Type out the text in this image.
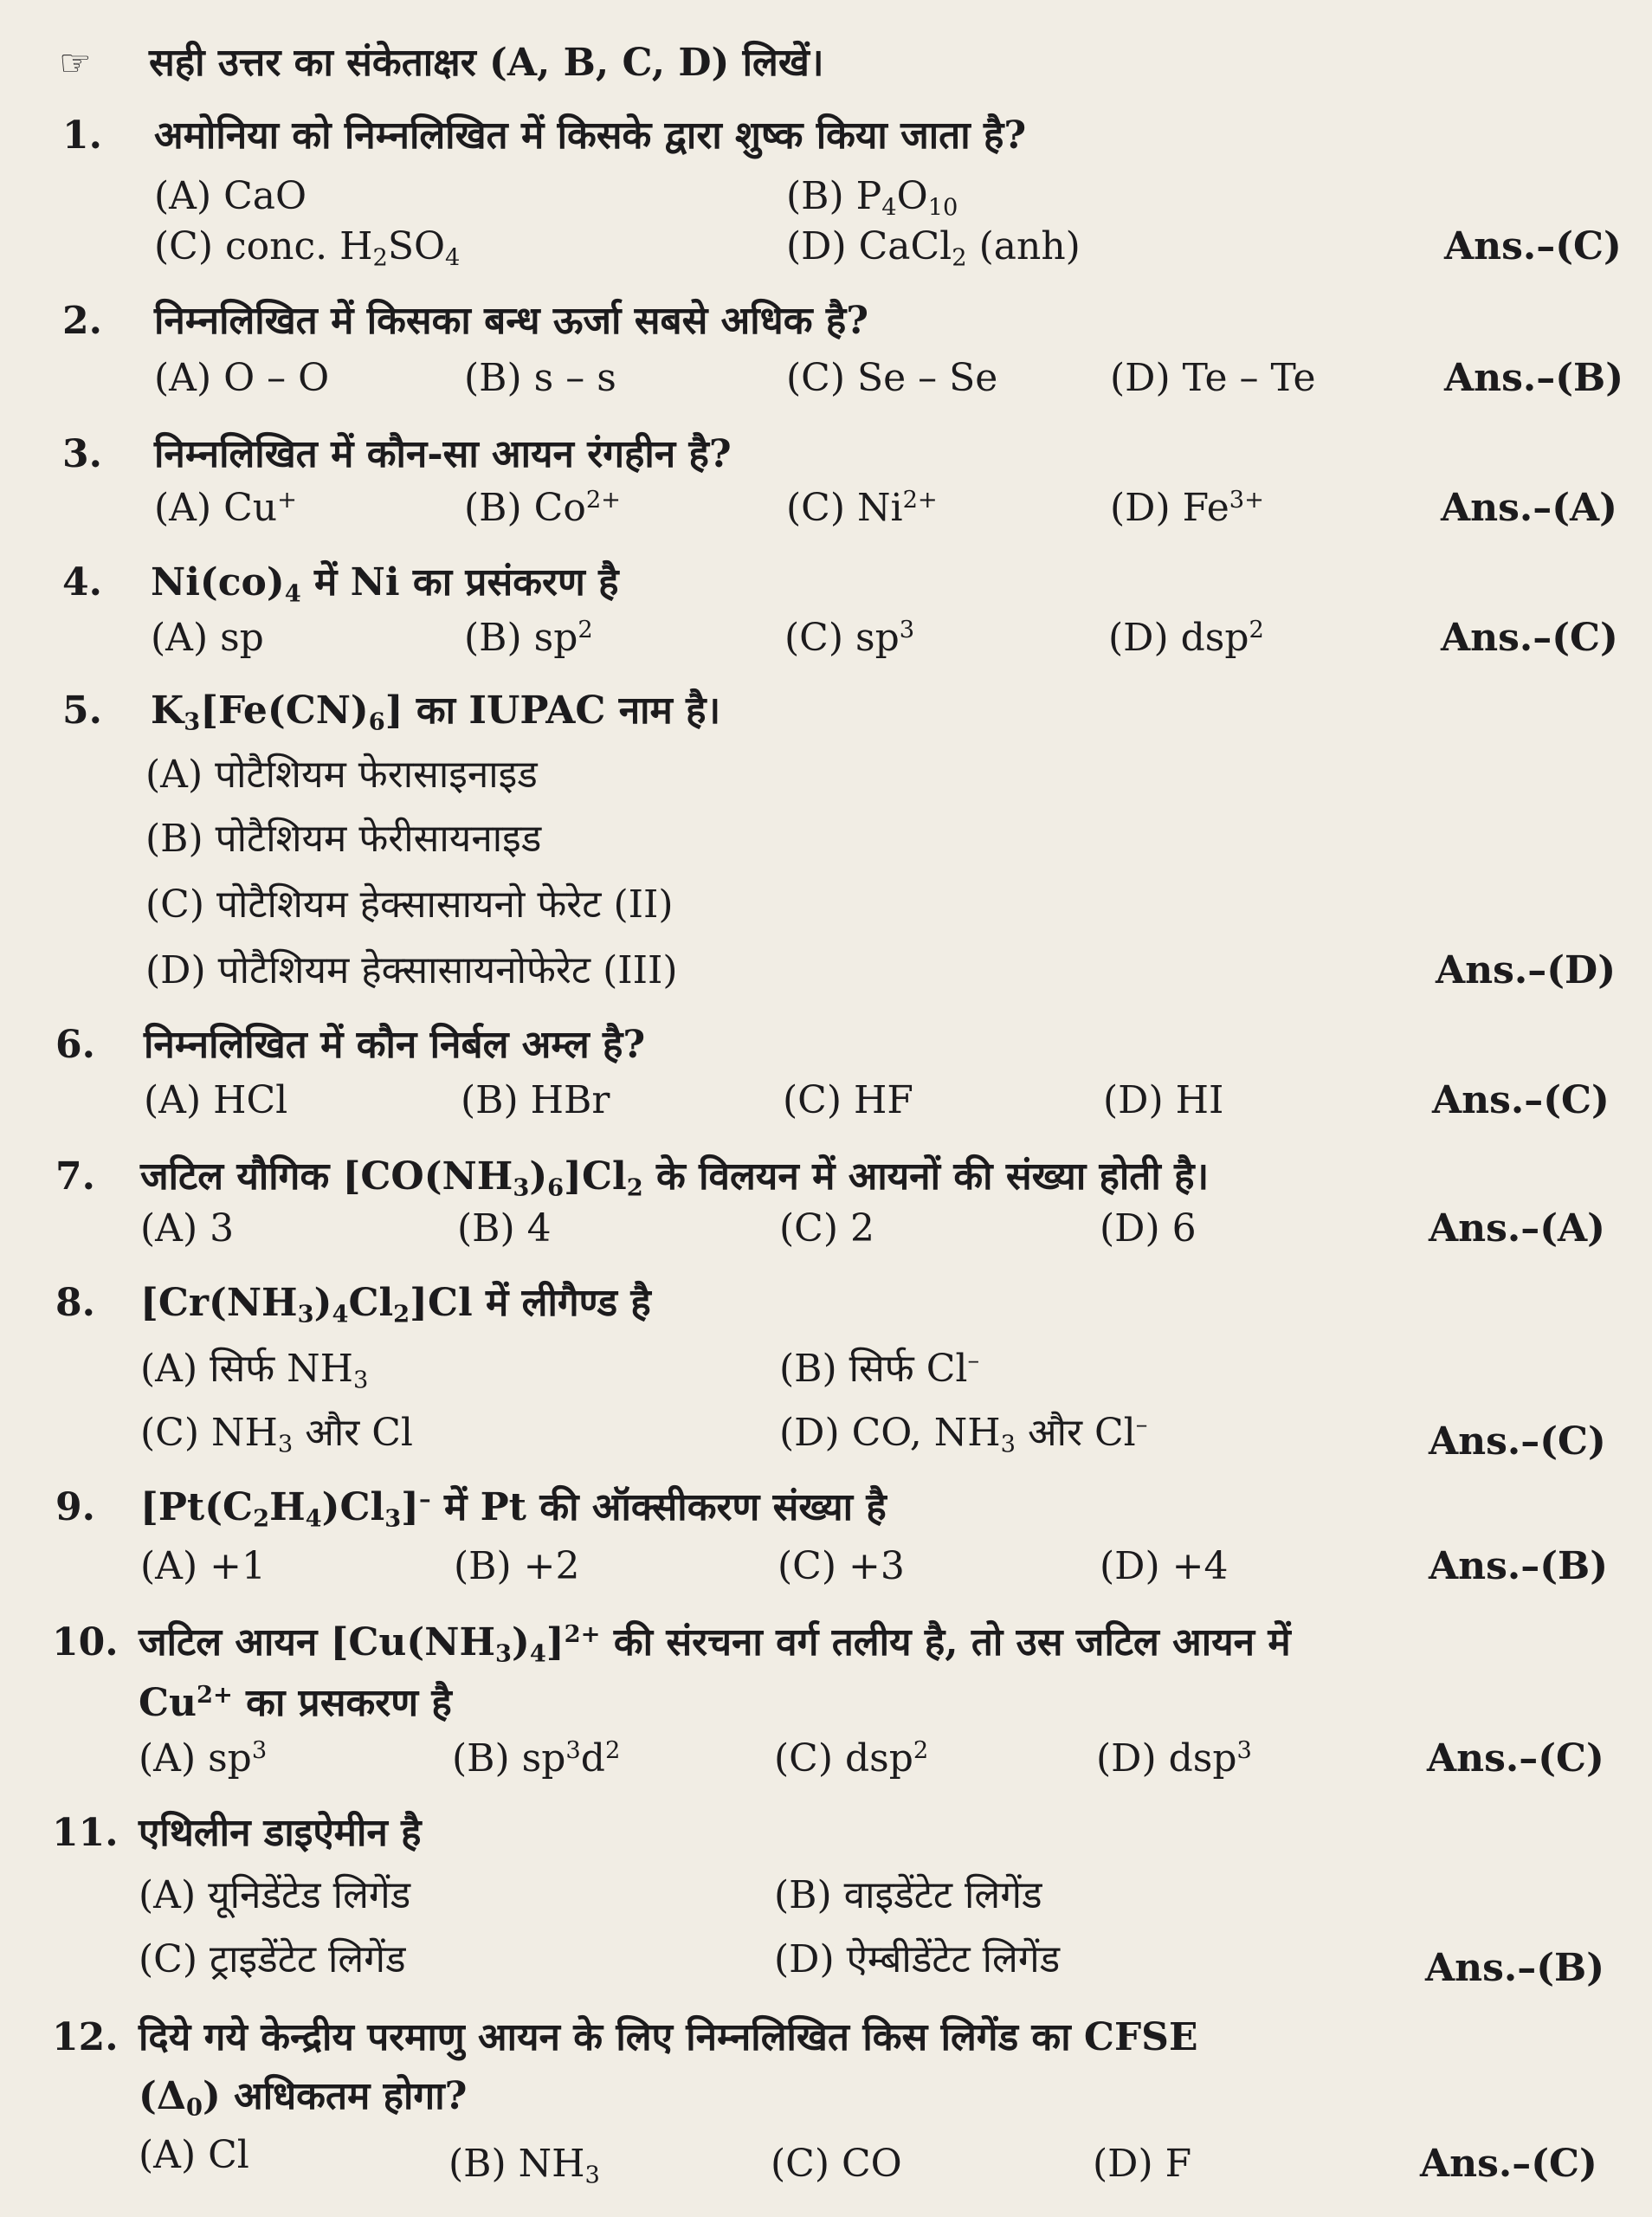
☞ सही उत्तर का संकेताक्षर (A, B, C, D) लिखें।
1. अमोनिया को निम्नलिखित में किसके द्वारा शुष्क किया जाता है?
(A) CaO	(B) $P_4O_{10}$
(C) conc. $H_2SO_4$	(D) CaCl$_2$ (anh)	Ans.–(C)
2. निम्नलिखित में किसका बन्ध ऊर्जा सबसे अधिक है?
(A) O – O	(B) s – s	(C) Se – Se	(D) Te – Te	Ans.–(B)
3. निम्नलिखित में कौन-सा आयन रंगहीन है?
(A) Cu+	(B) $Co^{2+}$	(C) $Ni^{2+}$	(D) $Fe^{3+}$	Ans.–(A)
4. $Ni(co)_4$ में Ni का प्रसंकरण है
(A) sp	(B) $sp^2$	(C) $sp^3$	(D) dsp$^2$	Ans.–(C)
5. $K_3[Fe(CN)_6]$ का IUPAC नाम है।
(A) पोटैशियम फेरासाइनाइड
(B) पोटैशियम फेरीसायनाइड
(C) पोटैशियम हेक्सासायनो फेरेट (II)
(D) पोटैशियम हेक्सासायनोफेरेट (III)	Ans.–(D)
6. निम्नलिखित में कौन निर्बल अम्ल है?
(A) HCl	(B) HBr	(C) HF	(D) HI	Ans.–(C)
7. जटिल यौगिक $[CO(NH_3)_6]Cl_2$ के विलयन में आयनों की संख्या होती है।
(A) 3	(B) 4	(C) 2	(D) 6	Ans.–(A)
8. $[Cr(NH_3)_4Cl_2]Cl$ में लीगैण्ड है
(A) सिर्फ $NH_3$	(B) सिर्फ Cl–
(C) $NH_3$ और Cl	(D) CO, $NH_3$ और Cl–	Ans.–(C)
9. $[Pt(C_2H_4)Cl_3]^-$ में Pt की ऑक्सीकरण संख्या है
(A) +1	(B) +2	(C) +3	(D) +4	Ans.–(B)
10. जटिल आयन $[Cu(NH_3)_4]^{2+}$ की संरचना वर्ग तलीय है, तो उस जटिल आयन में
$Cu^{2+}$ का प्रसकरण है
(A) $sp^3$	(B) $sp^3d^2$	(C) dsp$^2$	(D) dsp$^3$	Ans.–(C)
11. एथिलीन डाइऐमीन है
(A) यूनिडेंटेड लिगेंड	(B) वाइडेंटेट लिगेंड
(C) ट्राइडेंटेट लिगेंड	(D) ऐम्बीडेंटेट लिगेंड	Ans.–(B)
12. दिये गये केन्द्रीय परमाणु आयन के लिए निम्नलिखित किस लिगेंड का CFSE
$(\Delta_0)$ अधिकतम होगा?
(A) Cl	(B) $NH_3$	(C) CO	(D) F	Ans.–(C)
